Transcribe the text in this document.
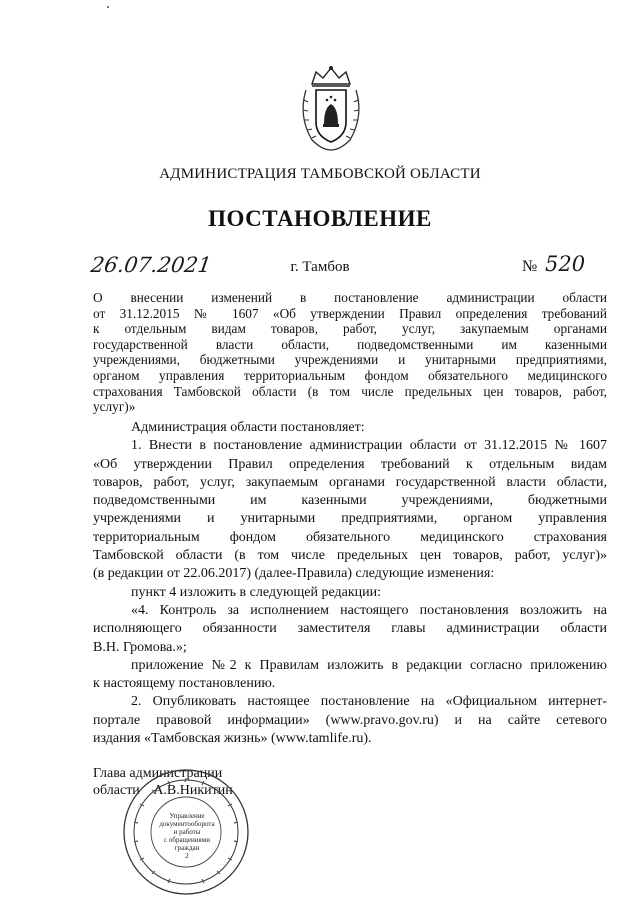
АДМИНИСТРАЦИЯ ТАМБОВСКОЙ ОБЛАСТИ
ПОСТАНОВЛЕНИЕ
26.07.2021	г. Тамбов	№ 520
О внесении изменений в постановление администрации области
от 31.12.2015 № 1607 «Об утверждении Правил определения требований
к отдельным видам товаров, работ, услуг, закупаемым органами
государственной власти области, подведомственными им казенными
учреждениями, бюджетными учреждениями и унитарными предприятиями,
органом управления территориальным фондом обязательного медицинского
страхования Тамбовской области (в том числе предельных цен товаров, работ,
услуг)»
Администрация области постановляет:
1. Внести в постановление администрации области от 31.12.2015 № 1607
«Об утверждении Правил определения требований к отдельным видам
товаров, работ, услуг, закупаемым органами государственной власти области,
подведомственными им казенными учреждениями, бюджетными
учреждениями и унитарными предприятиями, органом управления
территориальным фондом обязательного медицинского страхования
Тамбовской области (в том числе предельных цен товаров, работ, услуг)»
(в редакции от 22.06.2017) (далее-Правила) следующие изменения:
пункт 4 изложить в следующей редакции:
«4. Контроль за исполнением настоящего постановления возложить на
исполняющего обязанности заместителя главы администрации области
В.Н. Громова.»;
приложение №2 к Правилам изложить в редакции согласно приложению
к настоящему постановлению.
2. Опубликовать настоящее постановление на «Официальном интернет-
портале правовой информации» (www.pravo.gov.ru) и на сайте сетевого
издания «Тамбовская жизнь» (www.tamlife.ru).
Глава администрации
области А.В.Никитин
Управление
документооборота
и работы
с обращениями
граждан
2
